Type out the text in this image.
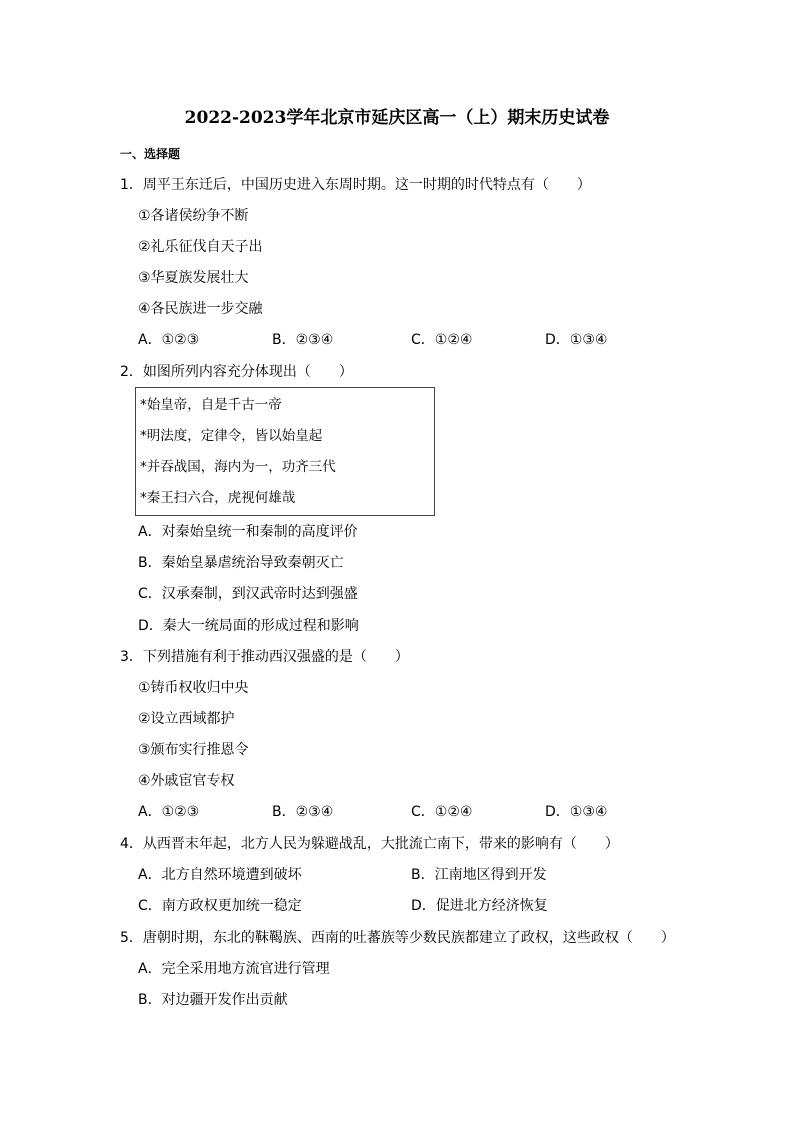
2022-2023学年北京市延庆区高一（上）期末历史试卷
一、选择题
1．周平王东迁后，中国历史进入东周时期。这一时期的时代特点有（　　）
①各诸侯纷争不断
②礼乐征伐自天子出
③华夏族发展壮大
④各民族进一步交融
A．①②③	B．②③④	C．①②④	D．①③④
2．如图所列内容充分体现出（　　）
*始皇帝，自是千古一帝
*明法度，定律令，皆以始皇起
*并吞战国，海内为一，功齐三代
*秦王扫六合，虎视何雄哉
A．对秦始皇统一和秦制的高度评价
B．秦始皇暴虐统治导致秦朝灭亡
C．汉承秦制，到汉武帝时达到强盛
D．秦大一统局面的形成过程和影响
3．下列措施有利于推动西汉强盛的是（　　）
①铸币权收归中央
②设立西域都护
③颁布实行推恩令
④外戚宦官专权
A．①②③	B．②③④	C．①②④	D．①③④
4．从西晋末年起，北方人民为躲避战乱，大批流亡南下，带来的影响有（　　）
A．北方自然环境遭到破坏	B．江南地区得到开发
C．南方政权更加统一稳定	D．促进北方经济恢复
5．唐朝时期，东北的靺鞨族、西南的吐蕃族等少数民族都建立了政权，这些政权（　　）
A．完全采用地方流官进行管理
B．对边疆开发作出贡献
